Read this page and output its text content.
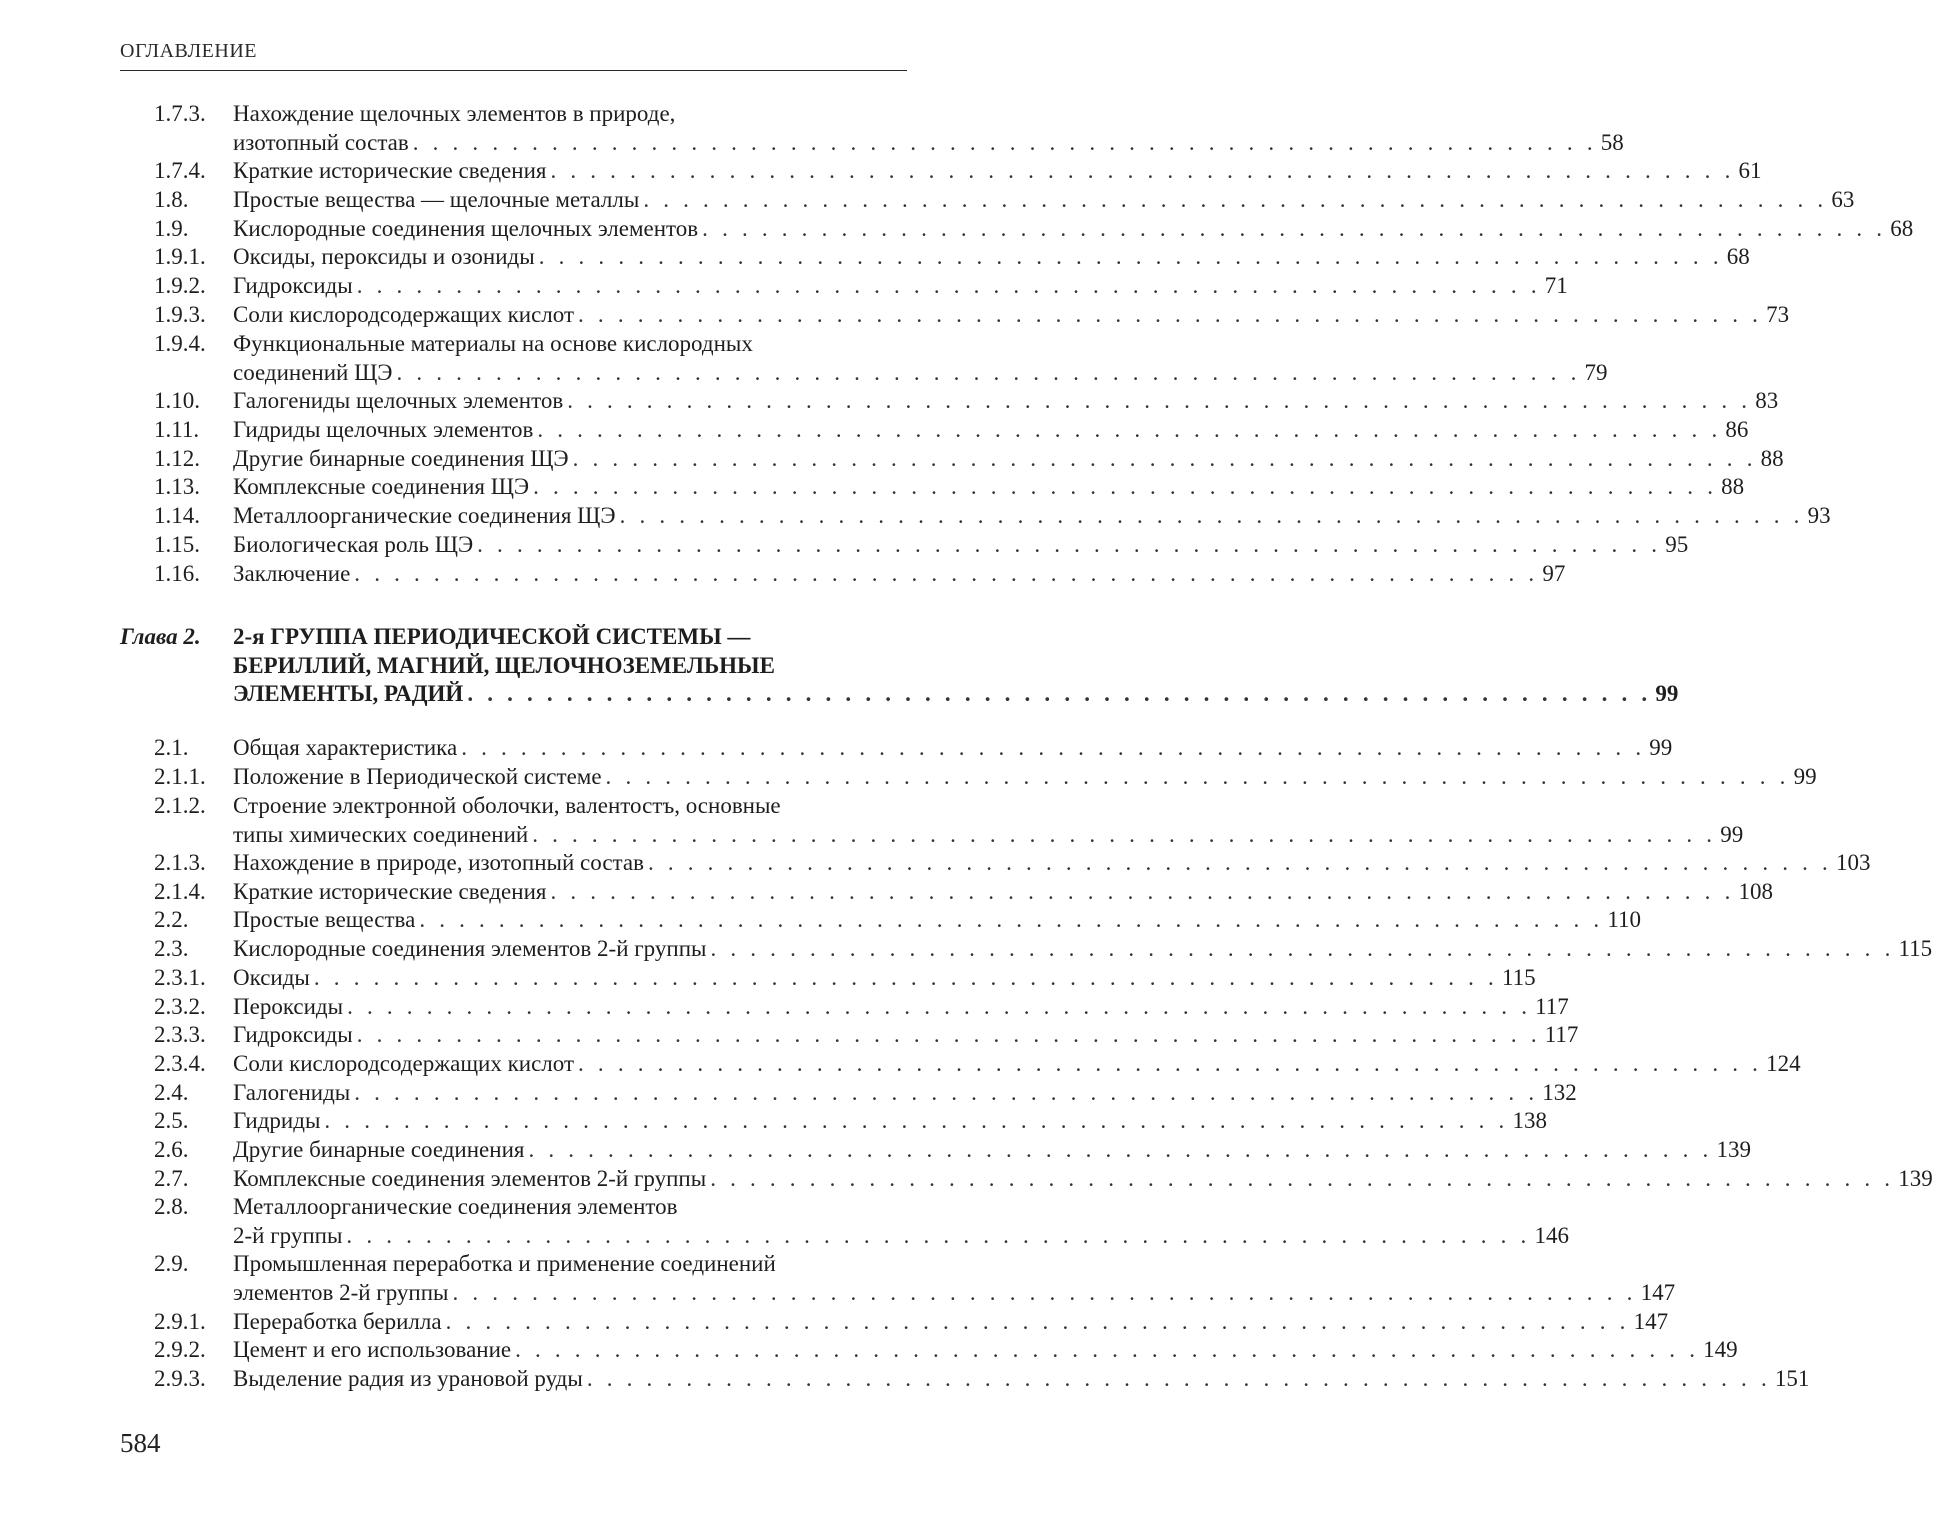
ОГЛАВЛЕНИЕ
1.7.3. Нахождение щелочных элементов в природе,
изотопный состав . . . . . . . . . . . . . . . . . . . . . . . . . . . . . . . . . . . . . . . . . . . . . . . . . . . . . . . . . . . . 58
1.7.4. Краткие исторические сведения . . . . . . . . . . . . . . . . . . . . . . . . . . . . . . . . . . . . . . . . . . . . . . . . . . . . . . . . . . . . 61
1.8. Простые вещества — щелочные металлы . . . . . . . . . . . . . . . . . . . . . . . . . . . . . . . . . . . . . . . . . . . . . . . . . . . . . . . . . . . . 63
1.9. Кислородные соединения щелочных элементов . . . . . . . . . . . . . . . . . . . . . . . . . . . . . . . . . . . . . . . . . . . . . . . . . . . . . . . . . . . . 68
1.9.1. Оксиды, пероксиды и озониды . . . . . . . . . . . . . . . . . . . . . . . . . . . . . . . . . . . . . . . . . . . . . . . . . . . . . . . . . . . . 68
1.9.2. Гидроксиды . . . . . . . . . . . . . . . . . . . . . . . . . . . . . . . . . . . . . . . . . . . . . . . . . . . . . . . . . . . . 71
1.9.3. Соли кислородсодержащих кислот . . . . . . . . . . . . . . . . . . . . . . . . . . . . . . . . . . . . . . . . . . . . . . . . . . . . . . . . . . . . 73
1.9.4. Функциональные материалы на основе кислородных
соединений ЩЭ . . . . . . . . . . . . . . . . . . . . . . . . . . . . . . . . . . . . . . . . . . . . . . . . . . . . . . . . . . . . 79
1.10. Галогениды щелочных элементов . . . . . . . . . . . . . . . . . . . . . . . . . . . . . . . . . . . . . . . . . . . . . . . . . . . . . . . . . . . . 83
1.11. Гидриды щелочных элементов . . . . . . . . . . . . . . . . . . . . . . . . . . . . . . . . . . . . . . . . . . . . . . . . . . . . . . . . . . . . 86
1.12. Другие бинарные соединения ЩЭ . . . . . . . . . . . . . . . . . . . . . . . . . . . . . . . . . . . . . . . . . . . . . . . . . . . . . . . . . . . . 88
1.13. Комплексные соединения ЩЭ . . . . . . . . . . . . . . . . . . . . . . . . . . . . . . . . . . . . . . . . . . . . . . . . . . . . . . . . . . . . 88
1.14. Металлоорганические соединения ЩЭ . . . . . . . . . . . . . . . . . . . . . . . . . . . . . . . . . . . . . . . . . . . . . . . . . . . . . . . . . . . . 93
1.15. Биологическая роль ЩЭ . . . . . . . . . . . . . . . . . . . . . . . . . . . . . . . . . . . . . . . . . . . . . . . . . . . . . . . . . . . . 95
1.16. Заключение . . . . . . . . . . . . . . . . . . . . . . . . . . . . . . . . . . . . . . . . . . . . . . . . . . . . . . . . . . . . 97
Глава 2. 2-я ГРУППА ПЕРИОДИЧЕСКОЙ СИСТЕМЫ —
БЕРИЛЛИЙ, МАГНИЙ, ЩЕЛОЧНОЗЕМЕЛЬНЫЕ
ЭЛЕМЕНТЫ, РАДИЙ . . . . . . . . . . . . . . . . . . . . . . . . . . . . . . . . . . . . . . . . . . . . . . . . . . . . . . . . . . . . 99
2.1. Общая характеристика . . . . . . . . . . . . . . . . . . . . . . . . . . . . . . . . . . . . . . . . . . . . . . . . . . . . . . . . . . . . 99
2.1.1. Положение в Периодической системе . . . . . . . . . . . . . . . . . . . . . . . . . . . . . . . . . . . . . . . . . . . . . . . . . . . . . . . . . . . . 99
2.1.2. Строение электронной оболочки, валентостъ, основные
типы химических соединений . . . . . . . . . . . . . . . . . . . . . . . . . . . . . . . . . . . . . . . . . . . . . . . . . . . . . . . . . . . . 99
2.1.3. Нахождение в природе, изотопный состав . . . . . . . . . . . . . . . . . . . . . . . . . . . . . . . . . . . . . . . . . . . . . . . . . . . . . . . . . . . . 103
2.1.4. Краткие исторические сведения . . . . . . . . . . . . . . . . . . . . . . . . . . . . . . . . . . . . . . . . . . . . . . . . . . . . . . . . . . . . 108
2.2. Простые вещества . . . . . . . . . . . . . . . . . . . . . . . . . . . . . . . . . . . . . . . . . . . . . . . . . . . . . . . . . . . . 110
2.3. Кислородные соединения элементов 2-й группы . . . . . . . . . . . . . . . . . . . . . . . . . . . . . . . . . . . . . . . . . . . . . . . . . . . . . . . . . . . . 115
2.3.1. Оксиды . . . . . . . . . . . . . . . . . . . . . . . . . . . . . . . . . . . . . . . . . . . . . . . . . . . . . . . . . . . . 115
2.3.2. Пероксиды . . . . . . . . . . . . . . . . . . . . . . . . . . . . . . . . . . . . . . . . . . . . . . . . . . . . . . . . . . . . 117
2.3.3. Гидроксиды . . . . . . . . . . . . . . . . . . . . . . . . . . . . . . . . . . . . . . . . . . . . . . . . . . . . . . . . . . . . 117
2.3.4. Соли кислородсодержащих кислот . . . . . . . . . . . . . . . . . . . . . . . . . . . . . . . . . . . . . . . . . . . . . . . . . . . . . . . . . . . . 124
2.4. Галогениды . . . . . . . . . . . . . . . . . . . . . . . . . . . . . . . . . . . . . . . . . . . . . . . . . . . . . . . . . . . . 132
2.5. Гидриды . . . . . . . . . . . . . . . . . . . . . . . . . . . . . . . . . . . . . . . . . . . . . . . . . . . . . . . . . . . . 138
2.6. Другие бинарные соединения . . . . . . . . . . . . . . . . . . . . . . . . . . . . . . . . . . . . . . . . . . . . . . . . . . . . . . . . . . . . 139
2.7. Комплексные соединения элементов 2-й группы . . . . . . . . . . . . . . . . . . . . . . . . . . . . . . . . . . . . . . . . . . . . . . . . . . . . . . . . . . . . 139
2.8. Металлоорганические соединения элементов
2-й группы . . . . . . . . . . . . . . . . . . . . . . . . . . . . . . . . . . . . . . . . . . . . . . . . . . . . . . . . . . . . 146
2.9. Промышленная переработка и применение соединений
элементов 2-й группы . . . . . . . . . . . . . . . . . . . . . . . . . . . . . . . . . . . . . . . . . . . . . . . . . . . . . . . . . . . . 147
2.9.1. Переработка берилла . . . . . . . . . . . . . . . . . . . . . . . . . . . . . . . . . . . . . . . . . . . . . . . . . . . . . . . . . . . . 147
2.9.2. Цемент и его использование . . . . . . . . . . . . . . . . . . . . . . . . . . . . . . . . . . . . . . . . . . . . . . . . . . . . . . . . . . . . 149
2.9.3. Выделение радия из урановой руды . . . . . . . . . . . . . . . . . . . . . . . . . . . . . . . . . . . . . . . . . . . . . . . . . . . . . . . . . . . . 151
584
